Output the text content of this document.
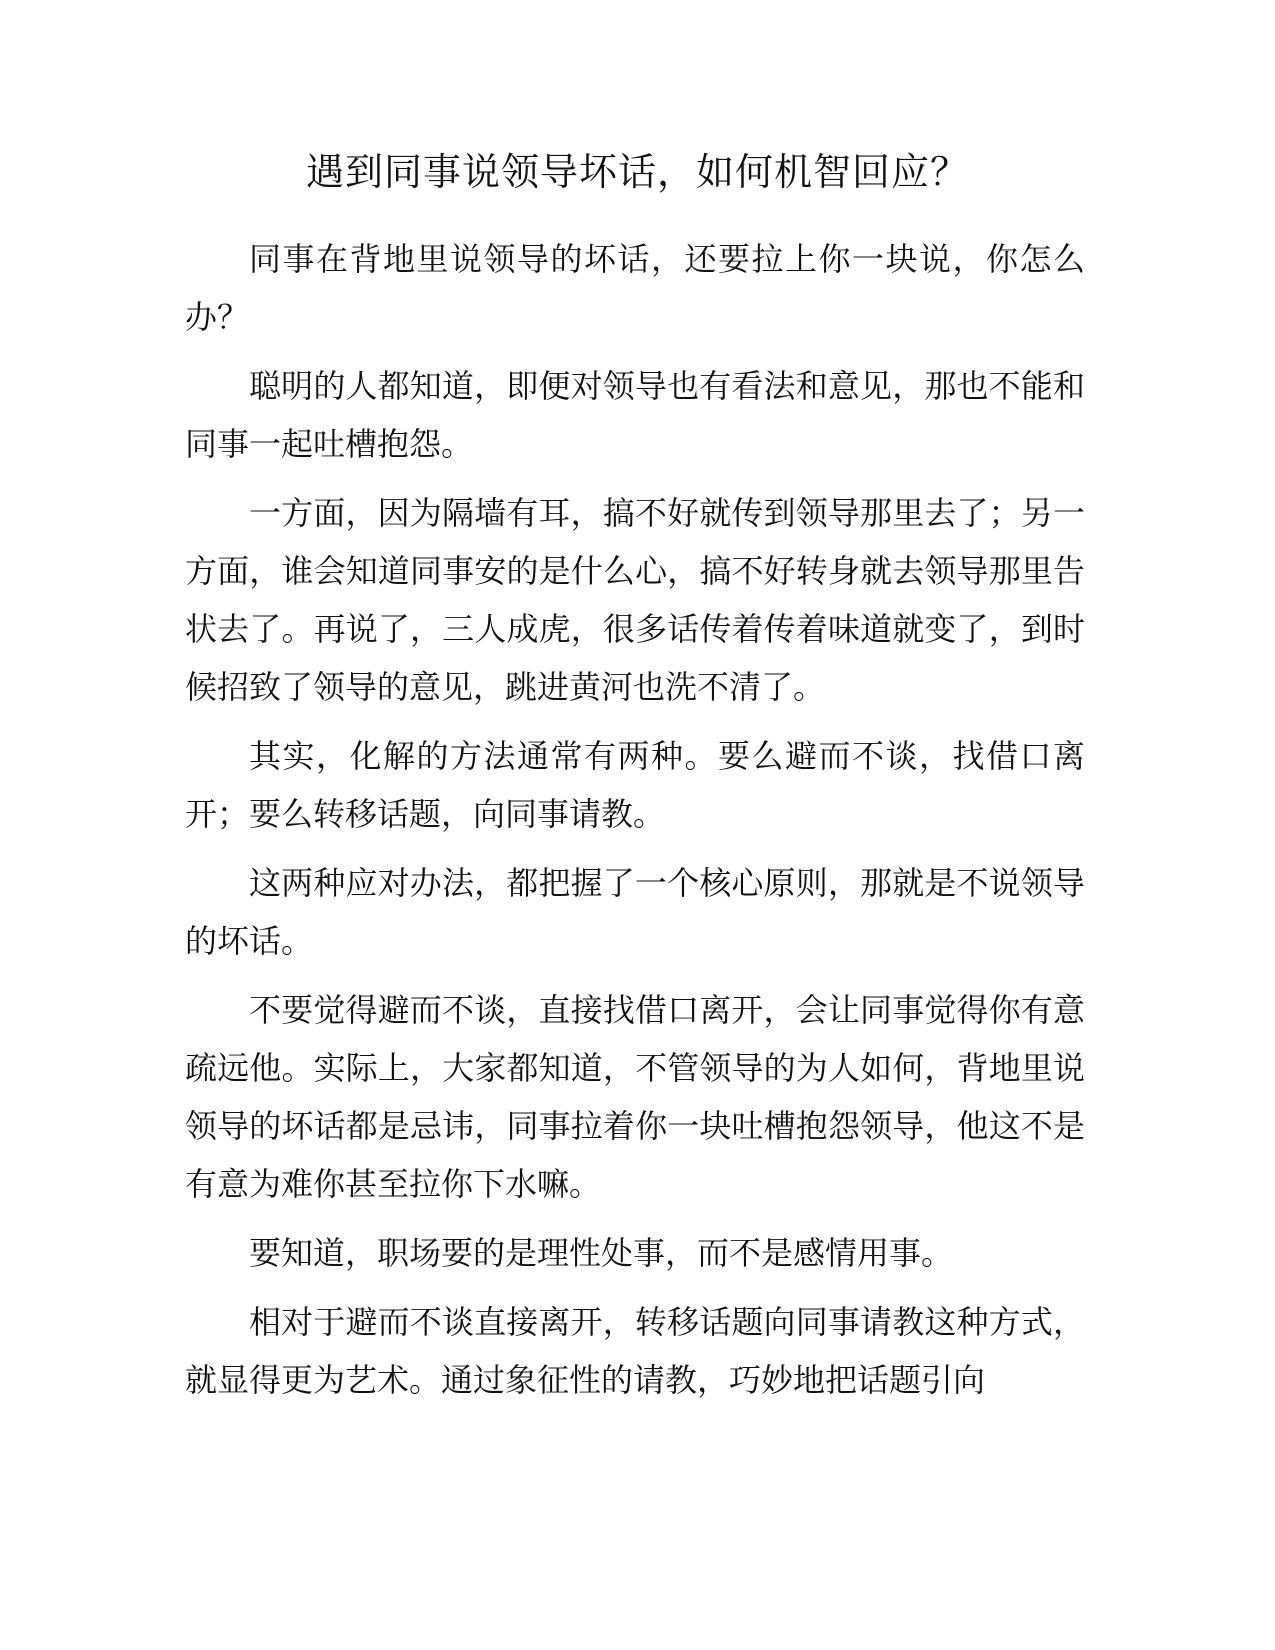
遇到同事说领导坏话，如何机智回应？

同事在背地里说领导的坏话，还要拉上你一块说，你怎么办？

聪明的人都知道，即便对领导也有看法和意见，那也不能和同事一起吐槽抱怨。

一方面，因为隔墙有耳，搞不好就传到领导那里去了；另一方面，谁会知道同事安的是什么心，搞不好转身就去领导那里告状去了。再说了，三人成虎，很多话传着传着味道就变了，到时候招致了领导的意见，跳进黄河也洗不清了。

其实，化解的方法通常有两种。要么避而不谈，找借口离开；要么转移话题，向同事请教。

这两种应对办法，都把握了一个核心原则，那就是不说领导的坏话。

不要觉得避而不谈，直接找借口离开，会让同事觉得你有意疏远他。实际上，大家都知道，不管领导的为人如何，背地里说领导的坏话都是忌讳，同事拉着你一块吐槽抱怨领导，他这不是有意为难你甚至拉你下水嘛。

要知道，职场要的是理性处事，而不是感情用事。

相对于避而不谈直接离开，转移话题向同事请教这种方式，就显得更为艺术。通过象征性的请教，巧妙地把话题引向
